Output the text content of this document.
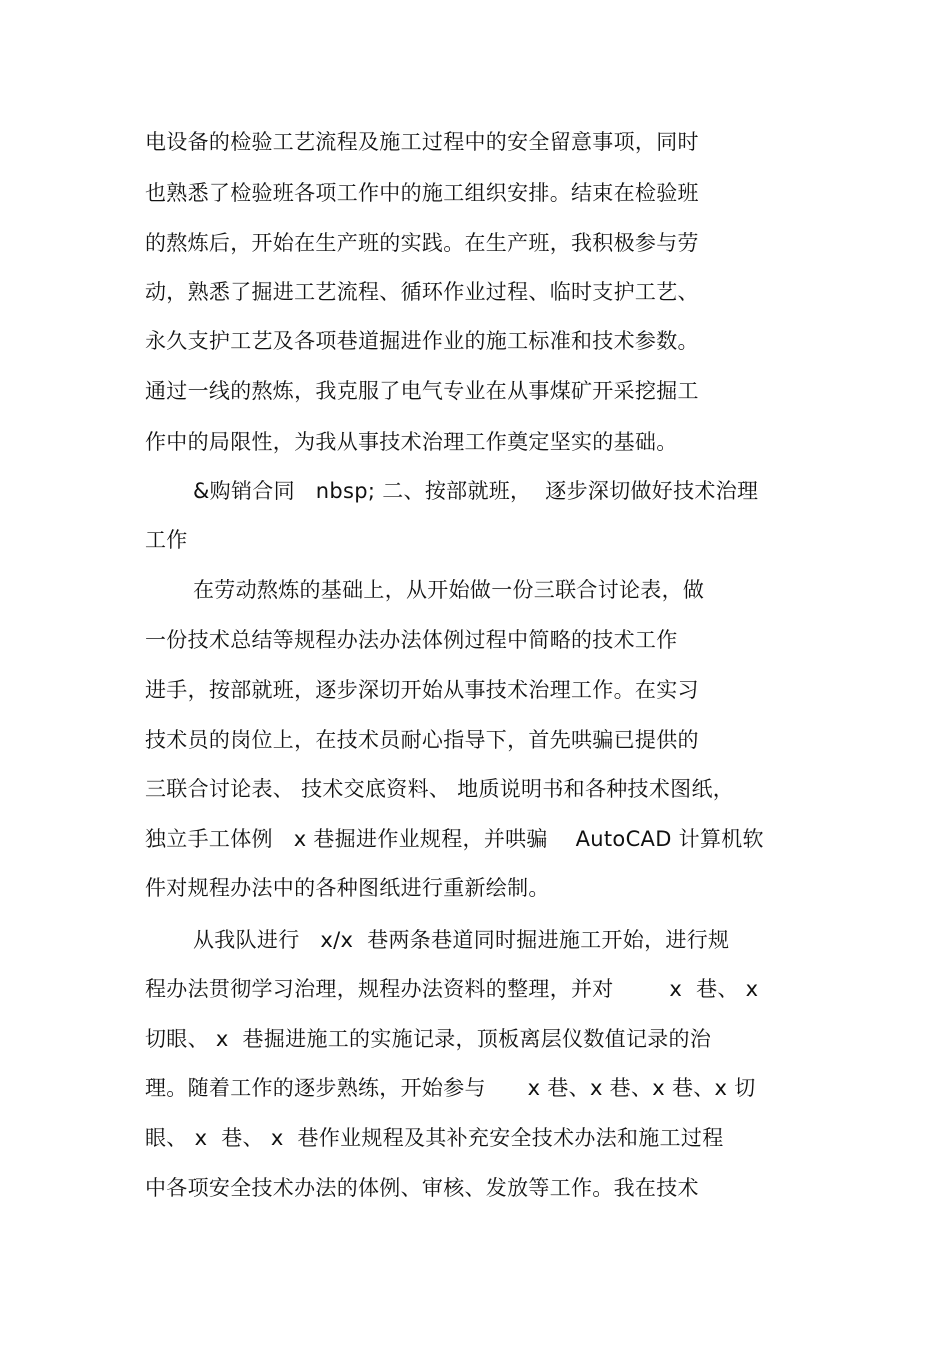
电设备的检验工艺流程及施工过程中的安全留意事项，同时
也熟悉了检验班各项工作中的施工组织安排。结束在检验班
的熬炼后，开始在生产班的实践。在生产班，我积极参与劳
动，熟悉了掘进工艺流程、循环作业过程、临时支护工艺、
永久支护工艺及各项巷道掘进作业的施工标准和技术参数。
通过一线的熬炼，我克服了电气专业在从事煤矿开采挖掘工
作中的局限性，为我从事技术治理工作奠定坚实的基础。
&购销合同   nbsp; 二、按部就班，  逐步深切做好技术治理
工作
在劳动熬炼的基础上，从开始做一份三联合讨论表，做
一份技术总结等规程办法办法体例过程中简略的技术工作
进手，按部就班，逐步深切开始从事技术治理工作。在实习
技术员的岗位上，在技术员耐心指导下，首先哄骗已提供的
三联合讨论表、 技术交底资料、 地质说明书和各种技术图纸，
独立手工体例   x 巷掘进作业规程，并哄骗    AutoCAD 计算机软
件对规程办法中的各种图纸进行重新绘制。
从我队进行   x/x  巷两条巷道同时掘进施工开始，进行规
程办法贯彻学习治理，规程办法资料的整理，并对        x  巷、 x
切眼、 x  巷掘进施工的实施记录，顶板离层仪数值记录的治
理。随着工作的逐步熟练，开始参与      x 巷、x 巷、x 巷、x 切
眼、 x  巷、 x  巷作业规程及其补充安全技术办法和施工过程
中各项安全技术办法的体例、审核、发放等工作。我在技术
